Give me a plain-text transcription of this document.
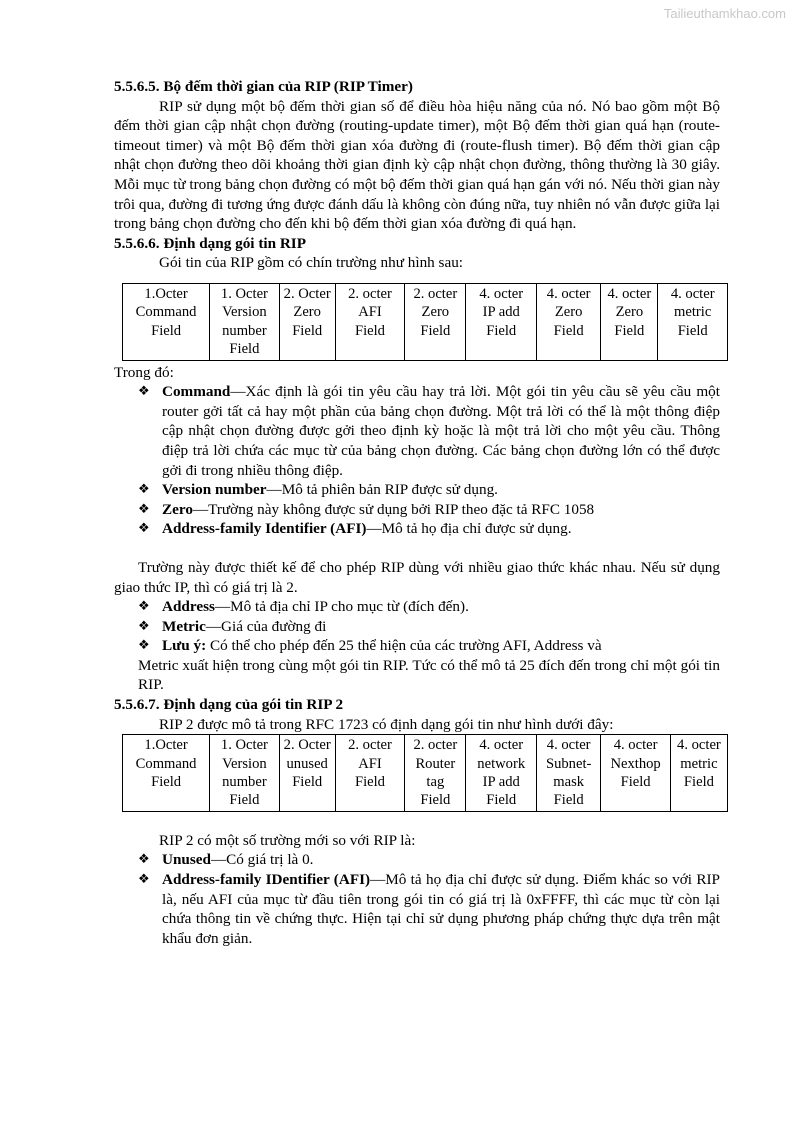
Tailieuthamkhao.com
5.5.6.5. Bộ đếm thời gian của RIP (RIP Timer)

RIP sử dụng một bộ đếm thời gian số để điều hòa hiệu năng của nó. Nó bao gồm một Bộ đếm thời gian cập nhật chọn đường (routing-update timer), một Bộ đếm thời gian quá hạn (route-timeout timer) và một Bộ đếm thời gian xóa đường đi (route-flush timer). Bộ đếm thời gian cập nhật chọn đường theo dõi khoảng thời gian định kỳ cập nhật chọn đường, thông thường là 30 giây. Mỗi mục từ trong bảng chọn đường có một bộ đếm thời gian quá hạn gán với nó. Nếu thời gian này trôi qua, đường đi tương ứng được đánh dấu là không còn đúng nữa, tuy nhiên nó vẫn được giữa lại trong bảng chọn đường cho đến khi bộ đếm thời gian xóa đường đi quá hạn.

5.5.6.6. Định dạng gói tin RIP

Gói tin của RIP gồm có chín trường như hình sau:

1.Octer
Command
Field	1. Octer
Version
number
Field	2. Octer
Zero
Field	2. octer
AFI
Field	2. octer
Zero
Field	4. octer
IP add
Field	4. octer
Zero
Field	4. octer
Zero
Field	4. octer
metric
Field

Trong đó:

❖ Command—Xác định là gói tin yêu cầu hay trả lời. Một gói tin yêu cầu sẽ yêu cầu một router gởi tất cả hay một phần của bảng chọn đường. Một trả lời có thể là một thông điệp cập nhật chọn đường được gởi theo định kỳ hoặc là một trả lời cho một yêu cầu. Thông điệp trả lời chứa các mục từ của bảng chọn đường. Các bảng chọn đường lớn có thể được gởi đi trong nhiều thông điệp.
❖ Version number—Mô tả phiên bản RIP được sử dụng.
❖ Zero—Trường này không được sử dụng bởi RIP theo đặc tả RFC 1058
❖ Address-family Identifier (AFI)—Mô tả họ địa chỉ được sử dụng.

Trường này được thiết kế để cho phép RIP dùng với nhiều giao thức khác nhau. Nếu sử dụng giao thức IP, thì có giá trị là 2.

❖ Address—Mô tả địa chỉ IP cho mục từ (đích đến).
❖ Metric—Giá của đường đi
❖ Lưu ý: Có thể cho phép đến 25 thể hiện của các trường AFI, Address và

Metric xuất hiện trong cùng một gói tin RIP. Tức có thể mô tả 25 đích đến trong chỉ một gói tin RIP.

5.5.6.7. Định dạng của gói tin RIP 2

RIP 2 được mô tả trong RFC 1723 có định dạng gói tin như hình dưới đây:

1.Octer
Command
Field	1. Octer
Version
number
Field	2. Octer
unused
Field	2. octer
AFI
Field	2. octer
Router
tag
Field	4. octer
network
IP add
Field	4. octer
Subnet-
mask
Field	4. octer
Nexthop
Field	4. octer
metric
Field

RIP 2 có một số trường mới so với RIP là:

❖ Unused—Có giá trị là 0.
❖ Address-family IDentifier (AFI)—Mô tả họ địa chỉ được sử dụng. Điểm khác so với RIP là, nếu AFI của mục từ đầu tiên trong gói tin có giá trị là 0xFFFF, thì các mục từ còn lại chứa thông tin về chứng thực. Hiện tại chỉ sử dụng phương pháp chứng thực dựa trên mật khẩu đơn giản.
